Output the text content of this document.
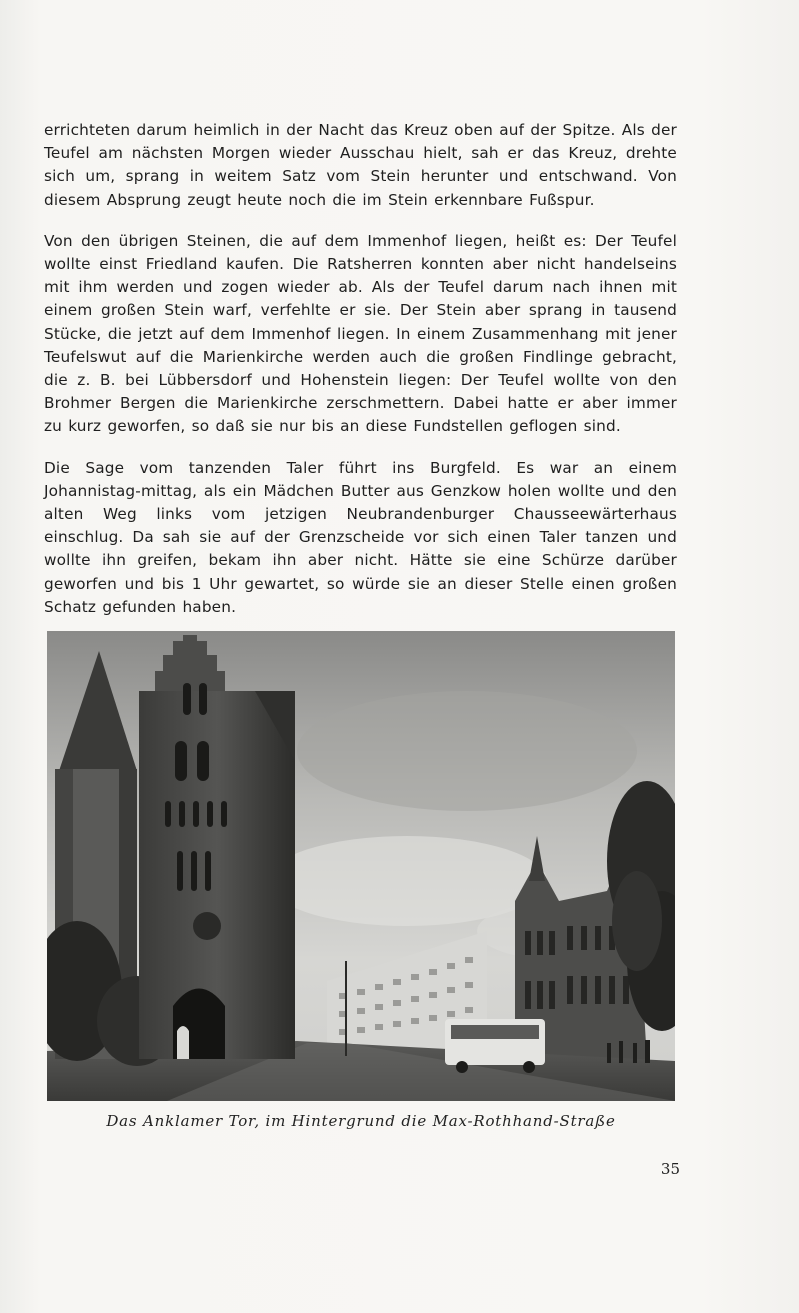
errichteten darum heimlich in der Nacht das Kreuz oben auf der Spitze. Als der Teufel am nächsten Morgen wieder Ausschau hielt, sah er das Kreuz, drehte sich um, sprang in weitem Satz vom Stein herunter und entschwand. Von diesem Absprung zeugt heute noch die im Stein erkennbare Fußspur.

Von den übrigen Steinen, die auf dem Immenhof liegen, heißt es: Der Teufel wollte einst Friedland kaufen. Die Ratsherren konnten aber nicht handelseins mit ihm werden und zogen wieder ab. Als der Teufel darum nach ihnen mit einem großen Stein warf, verfehlte er sie. Der Stein aber sprang in tausend Stücke, die jetzt auf dem Immenhof liegen. In einem Zusammenhang mit jener Teufelswut auf die Marienkirche werden auch die großen Findlinge gebracht, die z. B. bei Lübbersdorf und Hohenstein liegen: Der Teufel wollte von den Brohmer Bergen die Marienkirche zerschmettern. Dabei hatte er aber immer zu kurz geworfen, so daß sie nur bis an diese Fundstellen geflogen sind.

Die Sage vom tanzenden Taler führt ins Burgfeld. Es war an einem Johannistag-mittag, als ein Mädchen Butter aus Genzkow holen wollte und den alten Weg links vom jetzigen Neubrandenburger Chausseewärterhaus einschlug. Da sah sie auf der Grenzscheide vor sich einen Taler tanzen und wollte ihn greifen, bekam ihn aber nicht. Hätte sie eine Schürze darüber geworfen und bis 1 Uhr gewartet, so würde sie an dieser Stelle einen großen Schatz gefunden haben.

Das Anklamer Tor, im Hintergrund die Max-Rothhand-Straße
35
